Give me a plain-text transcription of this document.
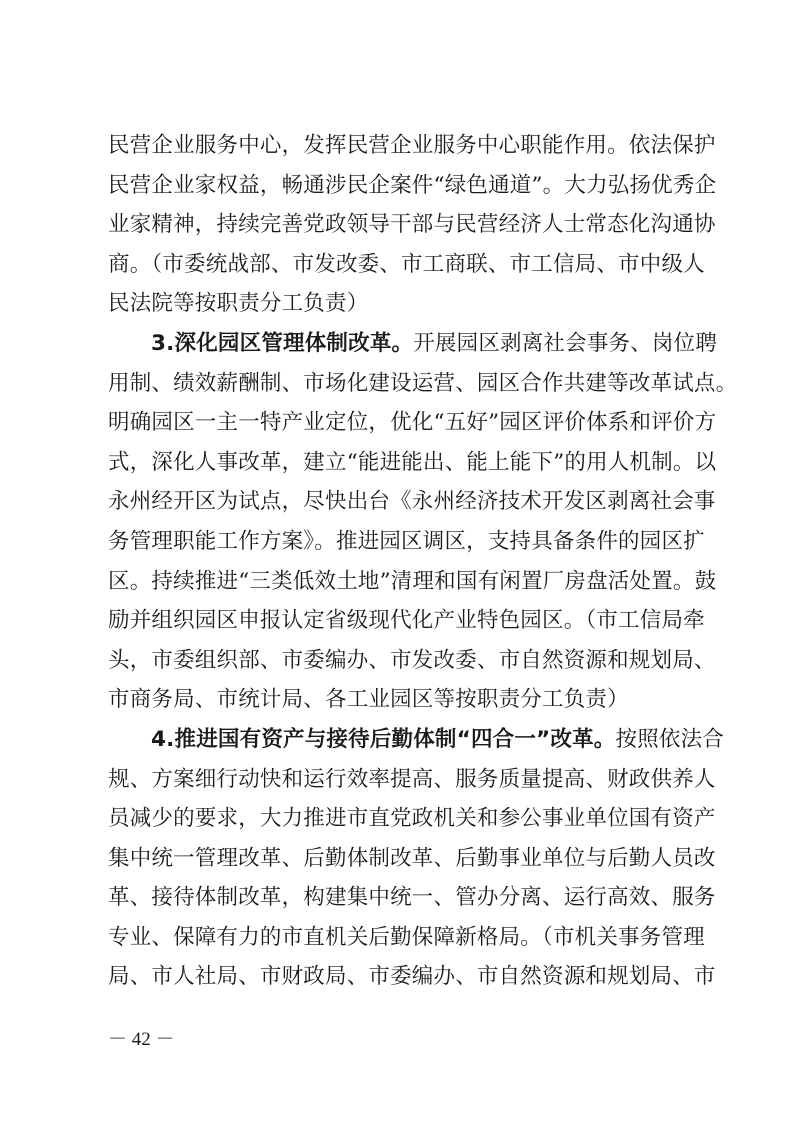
民营企业服务中心，发挥民营企业服务中心职能作用。依法保护
民营企业家权益，畅通涉民企案件“绿色通道”。大力弘扬优秀企
业家精神，持续完善党政领导干部与民营经济人士常态化沟通协
商。（市委统战部、市发改委、市工商联、市工信局、市中级人
民法院等按职责分工负责）
3.深化园区管理体制改革。开展园区剥离社会事务、岗位聘
用制、绩效薪酬制、市场化建设运营、园区合作共建等改革试点。
明确园区一主一特产业定位，优化“五好”园区评价体系和评价方
式，深化人事改革，建立“能进能出、能上能下”的用人机制。以
永州经开区为试点，尽快出台《永州经济技术开发区剥离社会事
务管理职能工作方案》。推进园区调区，支持具备条件的园区扩
区。持续推进“三类低效土地”清理和国有闲置厂房盘活处置。鼓
励并组织园区申报认定省级现代化产业特色园区。（市工信局牵
头，市委组织部、市委编办、市发改委、市自然资源和规划局、
市商务局、市统计局、各工业园区等按职责分工负责）
4.推进国有资产与接待后勤体制“四合一”改革。按照依法合
规、方案细行动快和运行效率提高、服务质量提高、财政供养人
员减少的要求，大力推进市直党政机关和参公事业单位国有资产
集中统一管理改革、后勤体制改革、后勤事业单位与后勤人员改
革、接待体制改革，构建集中统一、管办分离、运行高效、服务
专业、保障有力的市直机关后勤保障新格局。（市机关事务管理
局、市人社局、市财政局、市委编办、市自然资源和规划局、市
－ 42 －
